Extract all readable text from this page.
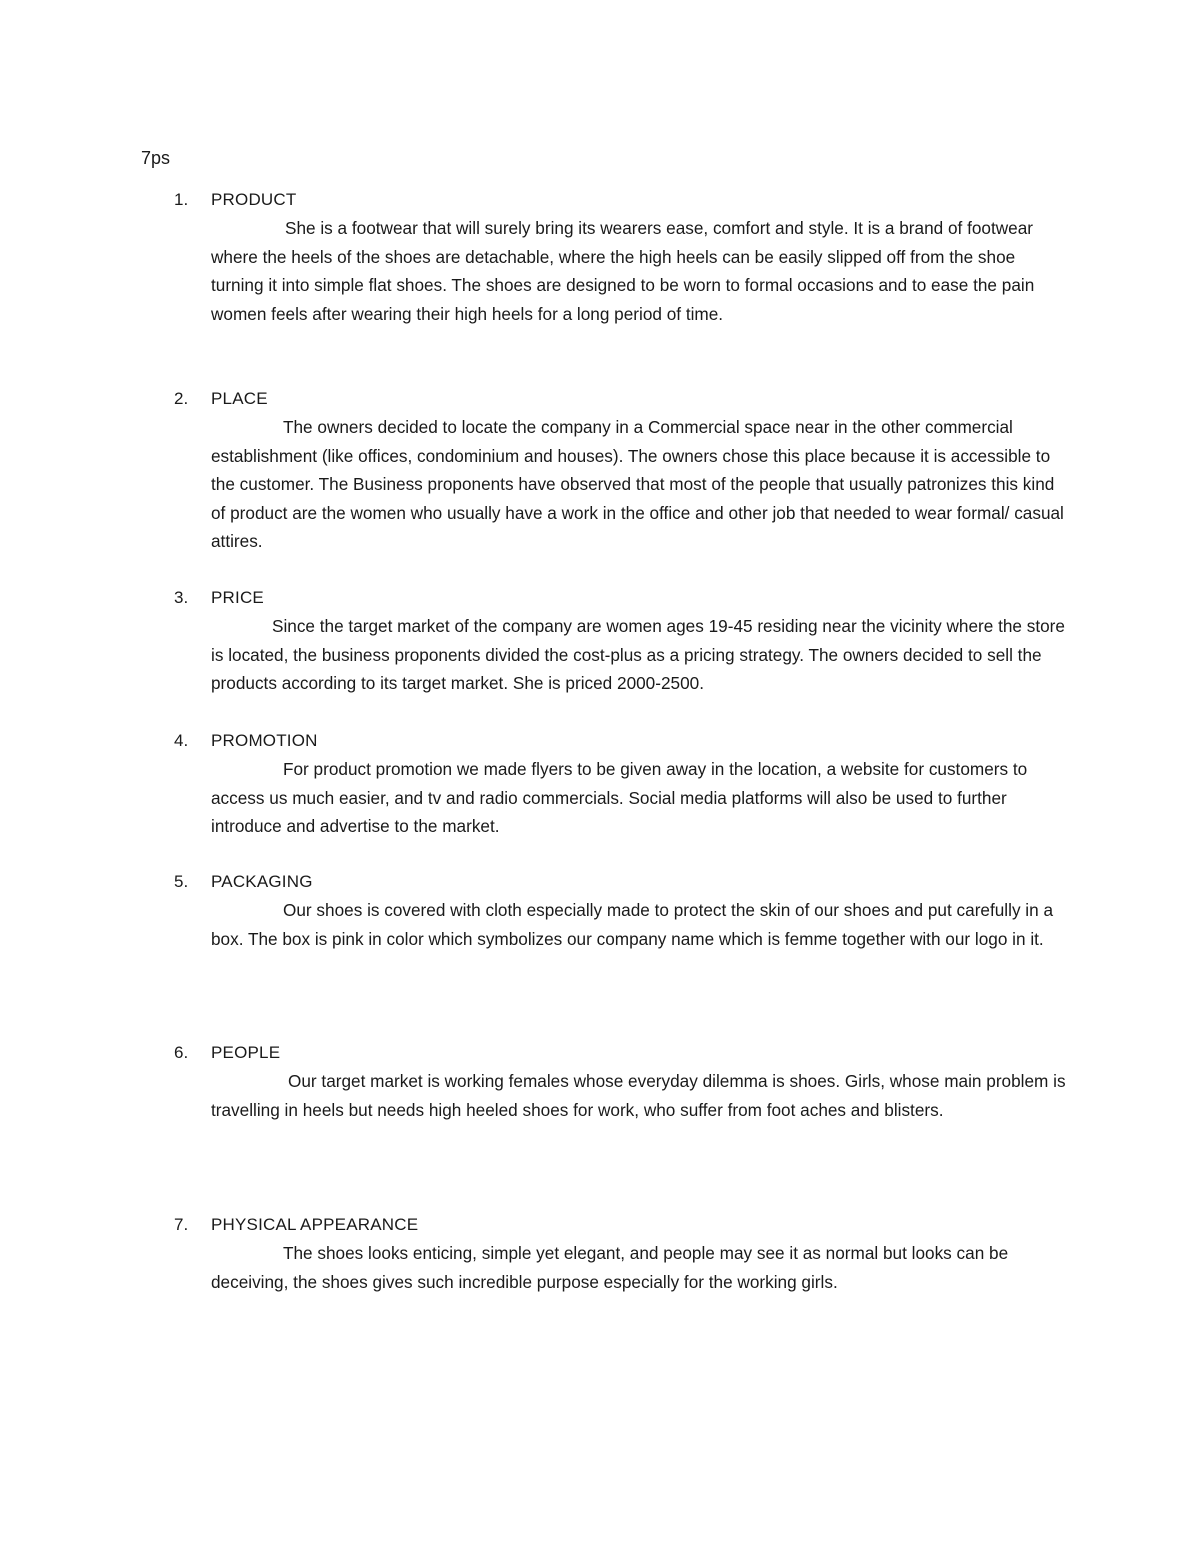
7ps

1. PRODUCT

She is a footwear that will surely bring its wearers ease, comfort and style. It is a brand of footwear where the heels of the shoes are detachable, where the high heels can be easily slipped off from the shoe turning it into simple flat shoes. The shoes are designed to be worn to formal occasions and to ease the pain women feels after wearing their high heels for a long period of time.

2. PLACE

The owners decided to locate the company in a Commercial space near in the other commercial establishment (like offices, condominium and houses). The owners chose this place because it is accessible to the customer. The Business proponents have observed that most of the people that usually patronizes this kind of product are the women who usually have a work in the office and other job that needed to wear formal/ casual attires.

3. PRICE

Since the target market of the company are women ages 19-45 residing near the vicinity where the store is located, the business proponents divided the cost-plus as a pricing strategy. The owners decided to sell the products according to its target market. She is priced 2000-2500.

4. PROMOTION

For product promotion we made flyers to be given away in the location, a website for customers to access us much easier, and tv and radio commercials. Social media platforms will also be used to further introduce and advertise to the market.

5. PACKAGING

Our shoes is covered with cloth especially made to protect the skin of our shoes and put carefully in a box. The box is pink in color which symbolizes our company name which is femme together with our logo in it.

6. PEOPLE

Our target market is working females whose everyday dilemma is shoes. Girls, whose main problem is travelling in heels but needs high heeled shoes for work, who suffer from foot aches and blisters.

7. PHYSICAL APPEARANCE

The shoes looks enticing, simple yet elegant, and people may see it as normal but looks can be deceiving, the shoes gives such incredible purpose especially for the working girls.
